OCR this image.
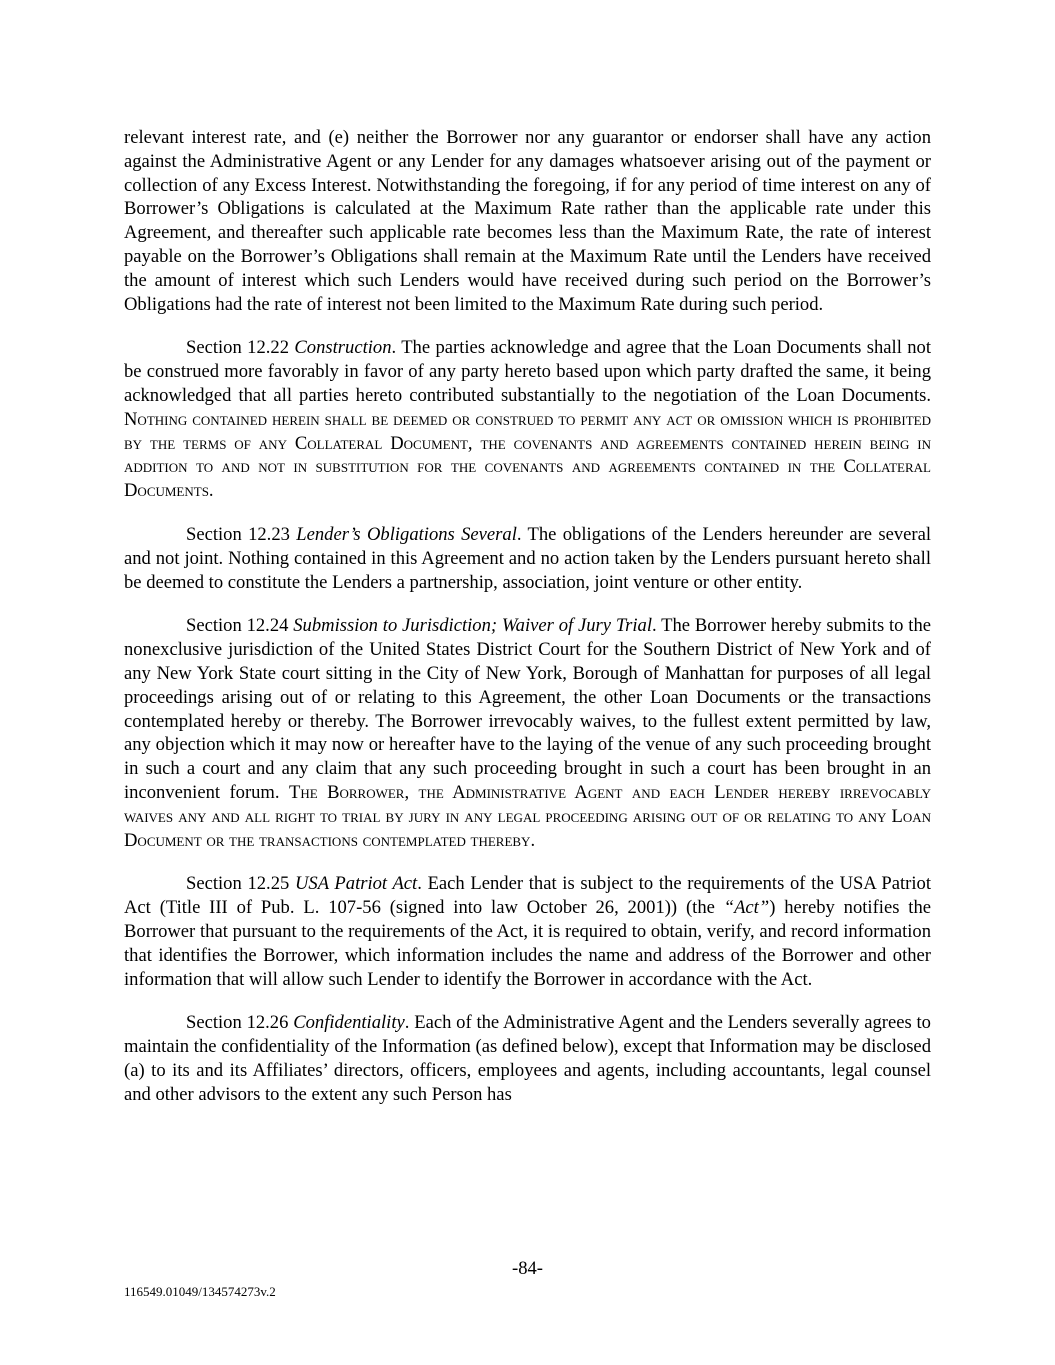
relevant interest rate, and (e) neither the Borrower nor any guarantor or endorser shall have any action against the Administrative Agent or any Lender for any damages whatsoever arising out of the payment or collection of any Excess Interest. Notwithstanding the foregoing, if for any period of time interest on any of Borrower’s Obligations is calculated at the Maximum Rate rather than the applicable rate under this Agreement, and thereafter such applicable rate becomes less than the Maximum Rate, the rate of interest payable on the Borrower’s Obligations shall remain at the Maximum Rate until the Lenders have received the amount of interest which such Lenders would have received during such period on the Borrower’s Obligations had the rate of interest not been limited to the Maximum Rate during such period.

Section 12.22 Construction. The parties acknowledge and agree that the Loan Documents shall not be construed more favorably in favor of any party hereto based upon which party drafted the same, it being acknowledged that all parties hereto contributed substantially to the negotiation of the Loan Documents. Nothing contained herein shall be deemed or construed to permit any act or omission which is prohibited by the terms of any Collateral Document, the covenants and agreements contained herein being in addition to and not in substitution for the covenants and agreements contained in the Collateral Documents.

Section 12.23 Lender’s Obligations Several. The obligations of the Lenders hereunder are several and not joint. Nothing contained in this Agreement and no action taken by the Lenders pursuant hereto shall be deemed to constitute the Lenders a partnership, association, joint venture or other entity.

Section 12.24 Submission to Jurisdiction; Waiver of Jury Trial. The Borrower hereby submits to the nonexclusive jurisdiction of the United States District Court for the Southern District of New York and of any New York State court sitting in the City of New York, Borough of Manhattan for purposes of all legal proceedings arising out of or relating to this Agreement, the other Loan Documents or the transactions contemplated hereby or thereby. The Borrower irrevocably waives, to the fullest extent permitted by law, any objection which it may now or hereafter have to the laying of the venue of any such proceeding brought in such a court and any claim that any such proceeding brought in such a court has been brought in an inconvenient forum. The Borrower, the Administrative Agent and each Lender hereby irrevocably waives any and all right to trial by jury in any legal proceeding arising out of or relating to any Loan Document or the transactions contemplated thereby.

Section 12.25 USA Patriot Act. Each Lender that is subject to the requirements of the USA Patriot Act (Title III of Pub. L. 107-56 (signed into law October 26, 2001)) (the “Act”) hereby notifies the Borrower that pursuant to the requirements of the Act, it is required to obtain, verify, and record information that identifies the Borrower, which information includes the name and address of the Borrower and other information that will allow such Lender to identify the Borrower in accordance with the Act.

Section 12.26 Confidentiality. Each of the Administrative Agent and the Lenders severally agrees to maintain the confidentiality of the Information (as defined below), except that Information may be disclosed (a) to its and its Affiliates’ directors, officers, employees and agents, including accountants, legal counsel and other advisors to the extent any such Person has

-84-
116549.01049/134574273v.2
